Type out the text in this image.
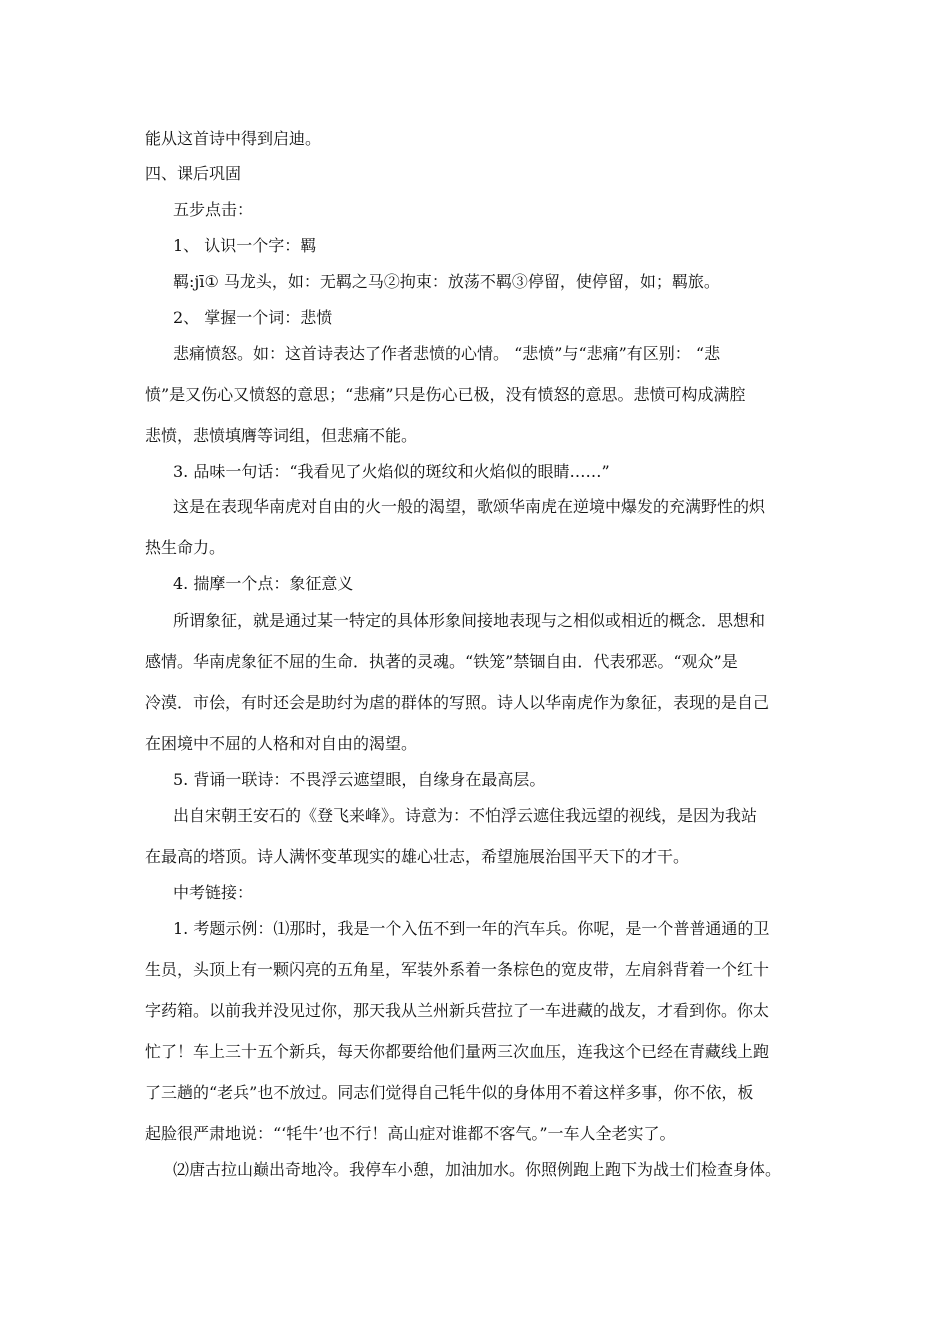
能从这首诗中得到启迪。
四、课后巩固
五步点击：
1、 认识一个字：羁
羁:jī① 马龙头，如：无羁之马②拘束：放荡不羁③停留，使停留，如；羁旅。
2、 掌握一个词：悲愤
悲痛愤怒。如：这首诗表达了作者悲愤的心情。 “悲愤”与“悲痛”有区别： “悲
愤”是又伤心又愤怒的意思；“悲痛”只是伤心已极，没有愤怒的意思。悲愤可构成满腔
悲愤，悲愤填膺等词组，但悲痛不能。
3. 品味一句话：“我看见了火焰似的斑纹和火焰似的眼睛……”
这是在表现华南虎对自由的火一般的渴望，歌颂华南虎在逆境中爆发的充满野性的炽
热生命力。
4. 揣摩一个点：象征意义
所谓象征，就是通过某一特定的具体形象间接地表现与之相似或相近的概念．思想和
感情。华南虎象征不屈的生命．执著的灵魂。“铁笼”禁锢自由．代表邪恶。“观众”是
冷漠．市侩，有时还会是助纣为虐的群体的写照。诗人以华南虎作为象征，表现的是自己
在困境中不屈的人格和对自由的渴望。
5. 背诵一联诗：不畏浮云遮望眼，自缘身在最高层。
出自宋朝王安石的《登飞来峰》。诗意为：不怕浮云遮住我远望的视线，是因为我站
在最高的塔顶。诗人满怀变革现实的雄心壮志，希望施展治国平天下的才干。
中考链接：
1. 考题示例：⑴那时，我是一个入伍不到一年的汽车兵。你呢，是一个普普通通的卫
生员，头顶上有一颗闪亮的五角星，军装外系着一条棕色的宽皮带，左肩斜背着一个红十
字药箱。以前我并没见过你，那天我从兰州新兵营拉了一车进藏的战友，才看到你。你太
忙了！车上三十五个新兵，每天你都要给他们量两三次血压，连我这个已经在青藏线上跑
了三趟的“老兵”也不放过。同志们觉得自己牦牛似的身体用不着这样多事，你不依，板
起脸很严肃地说：“‘牦牛’也不行！高山症对谁都不客气。”一车人全老实了。
⑵唐古拉山巅出奇地冷。我停车小憩，加油加水。你照例跑上跑下为战士们检查身体。
